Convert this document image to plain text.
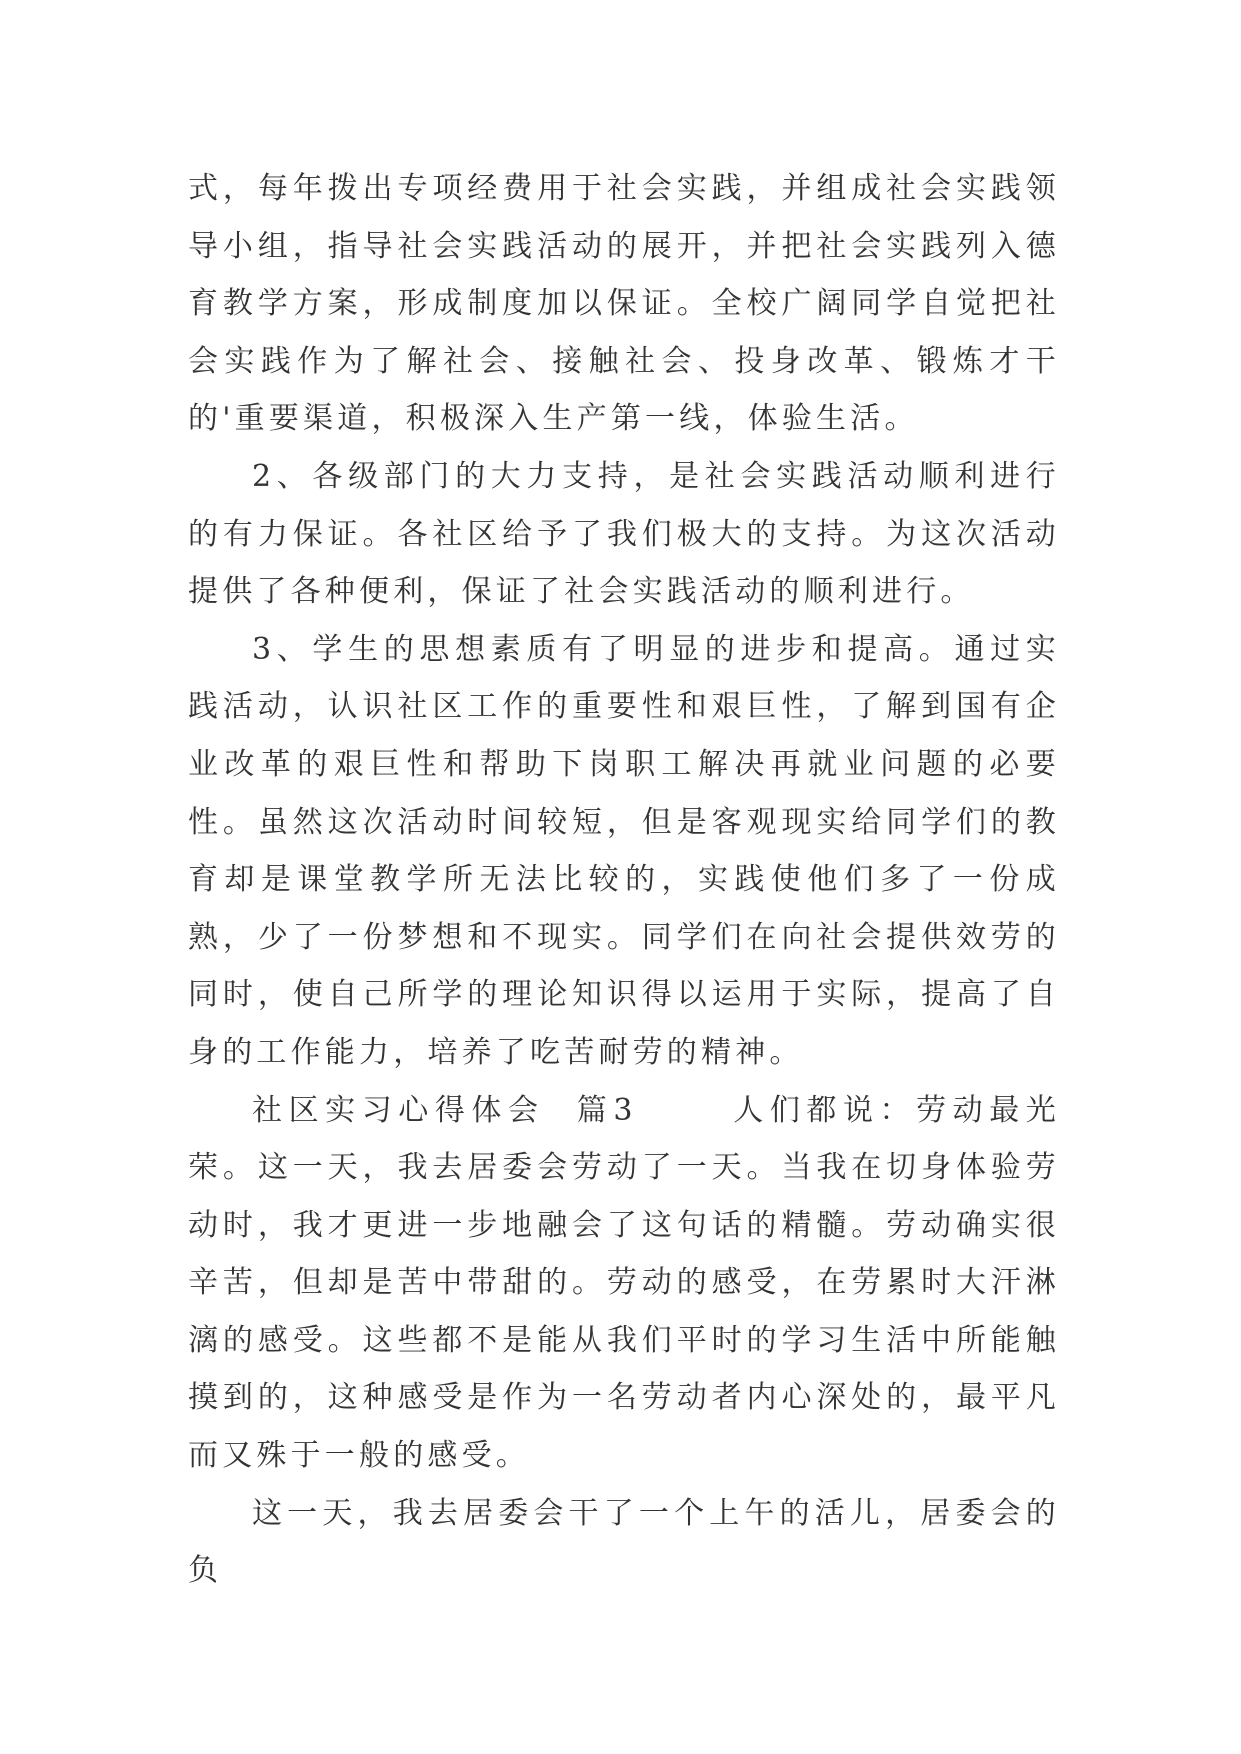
式，每年拨出专项经费用于社会实践，并组成社会实践领导小组，指导社会实践活动的展开，并把社会实践列入德育教学方案，形成制度加以保证。全校广阔同学自觉把社会实践作为了解社会、接触社会、投身改革、锻炼才干的'重要渠道，积极深入生产第一线，体验生活。

2、各级部门的大力支持，是社会实践活动顺利进行的有力保证。各社区给予了我们极大的支持。为这次活动提供了各种便利，保证了社会实践活动的顺利进行。

3、学生的思想素质有了明显的进步和提高。通过实践活动，认识社区工作的重要性和艰巨性，了解到国有企业改革的艰巨性和帮助下岗职工解决再就业问题的必要性。虽然这次活动时间较短，但是客观现实给同学们的教育却是课堂教学所无法比较的，实践使他们多了一份成熟，少了一份梦想和不现实。同学们在向社会提供效劳的同时，使自己所学的理论知识得以运用于实际，提高了自身的工作能力，培养了吃苦耐劳的精神。

社区实习心得体会  篇3      人们都说：劳动最光荣。这一天，我去居委会劳动了一天。当我在切身体验劳动时，我才更进一步地融会了这句话的精髓。劳动确实很辛苦，但却是苦中带甜的。劳动的感受，在劳累时大汗淋漓的感受。这些都不是能从我们平时的学习生活中所能触摸到的，这种感受是作为一名劳动者内心深处的，最平凡而又殊于一般的感受。

这一天，我去居委会干了一个上午的活儿，居委会的负
